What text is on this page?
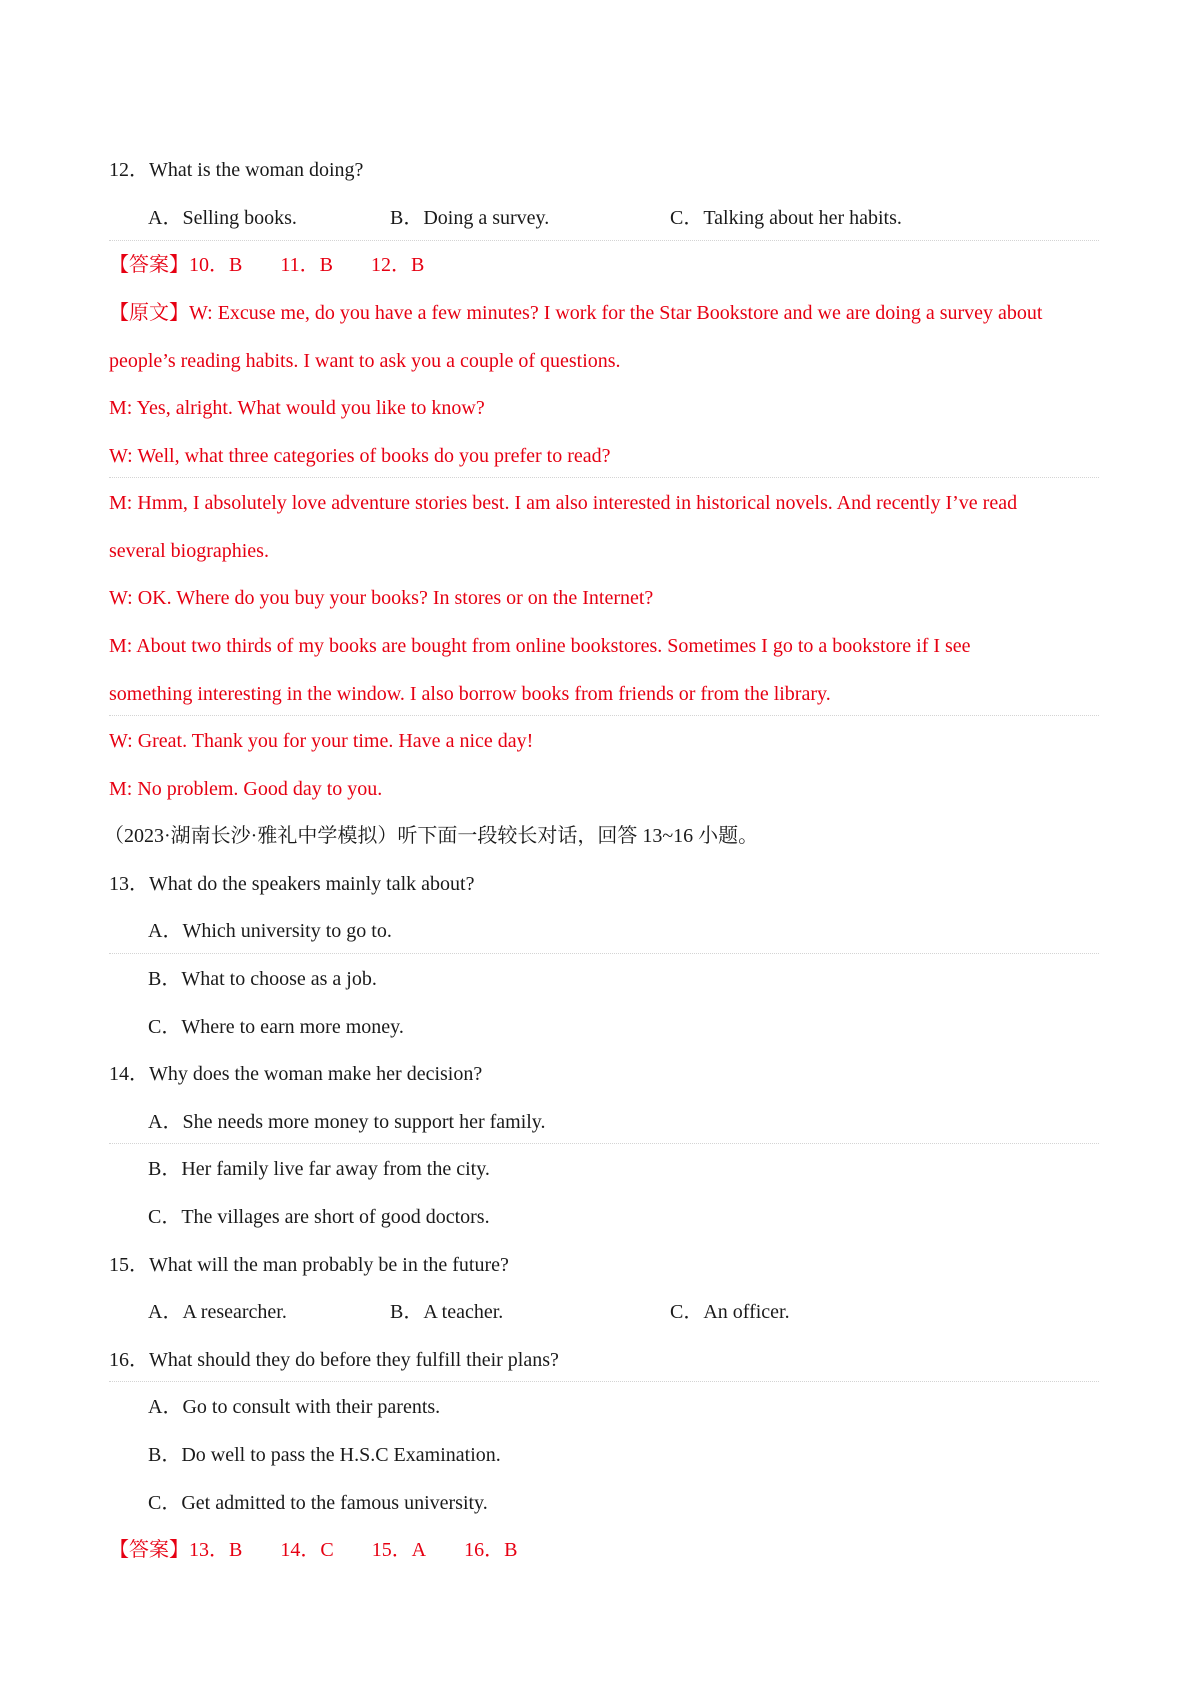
12．What is the woman doing?
A．Selling books.	B．Doing a survey.	C．Talking about her habits.
【答案】10．B 11．B 12．B
【原文】W: Excuse me, do you have a few minutes? I work for the Star Bookstore and we are doing a survey about
people’s reading habits. I want to ask you a couple of questions.
M: Yes, alright. What would you like to know?
W: Well, what three categories of books do you prefer to read?
M: Hmm, I absolutely love adventure stories best. I am also interested in historical novels. And recently I’ve read
several biographies.
W: OK. Where do you buy your books? In stores or on the Internet?
M: About two thirds of my books are bought from online bookstores. Sometimes I go to a bookstore if I see
something interesting in the window. I also borrow books from friends or from the library.
W: Great. Thank you for your time. Have a nice day!
M: No problem. Good day to you.
（2023·湖南长沙·雅礼中学模拟）听下面一段较长对话，回答 13~16 小题。
13．What do the speakers mainly talk about?
A．Which university to go to.
B．What to choose as a job.
C．Where to earn more money.
14．Why does the woman make her decision?
A．She needs more money to support her family.
B．Her family live far away from the city.
C．The villages are short of good doctors.
15．What will the man probably be in the future?
A．A researcher.	B．A teacher.	C．An officer.
16．What should they do before they fulfill their plans?
A．Go to consult with their parents.
B．Do well to pass the H.S.C Examination.
C．Get admitted to the famous university.
【答案】13．B 14．C 15．A 16．B
